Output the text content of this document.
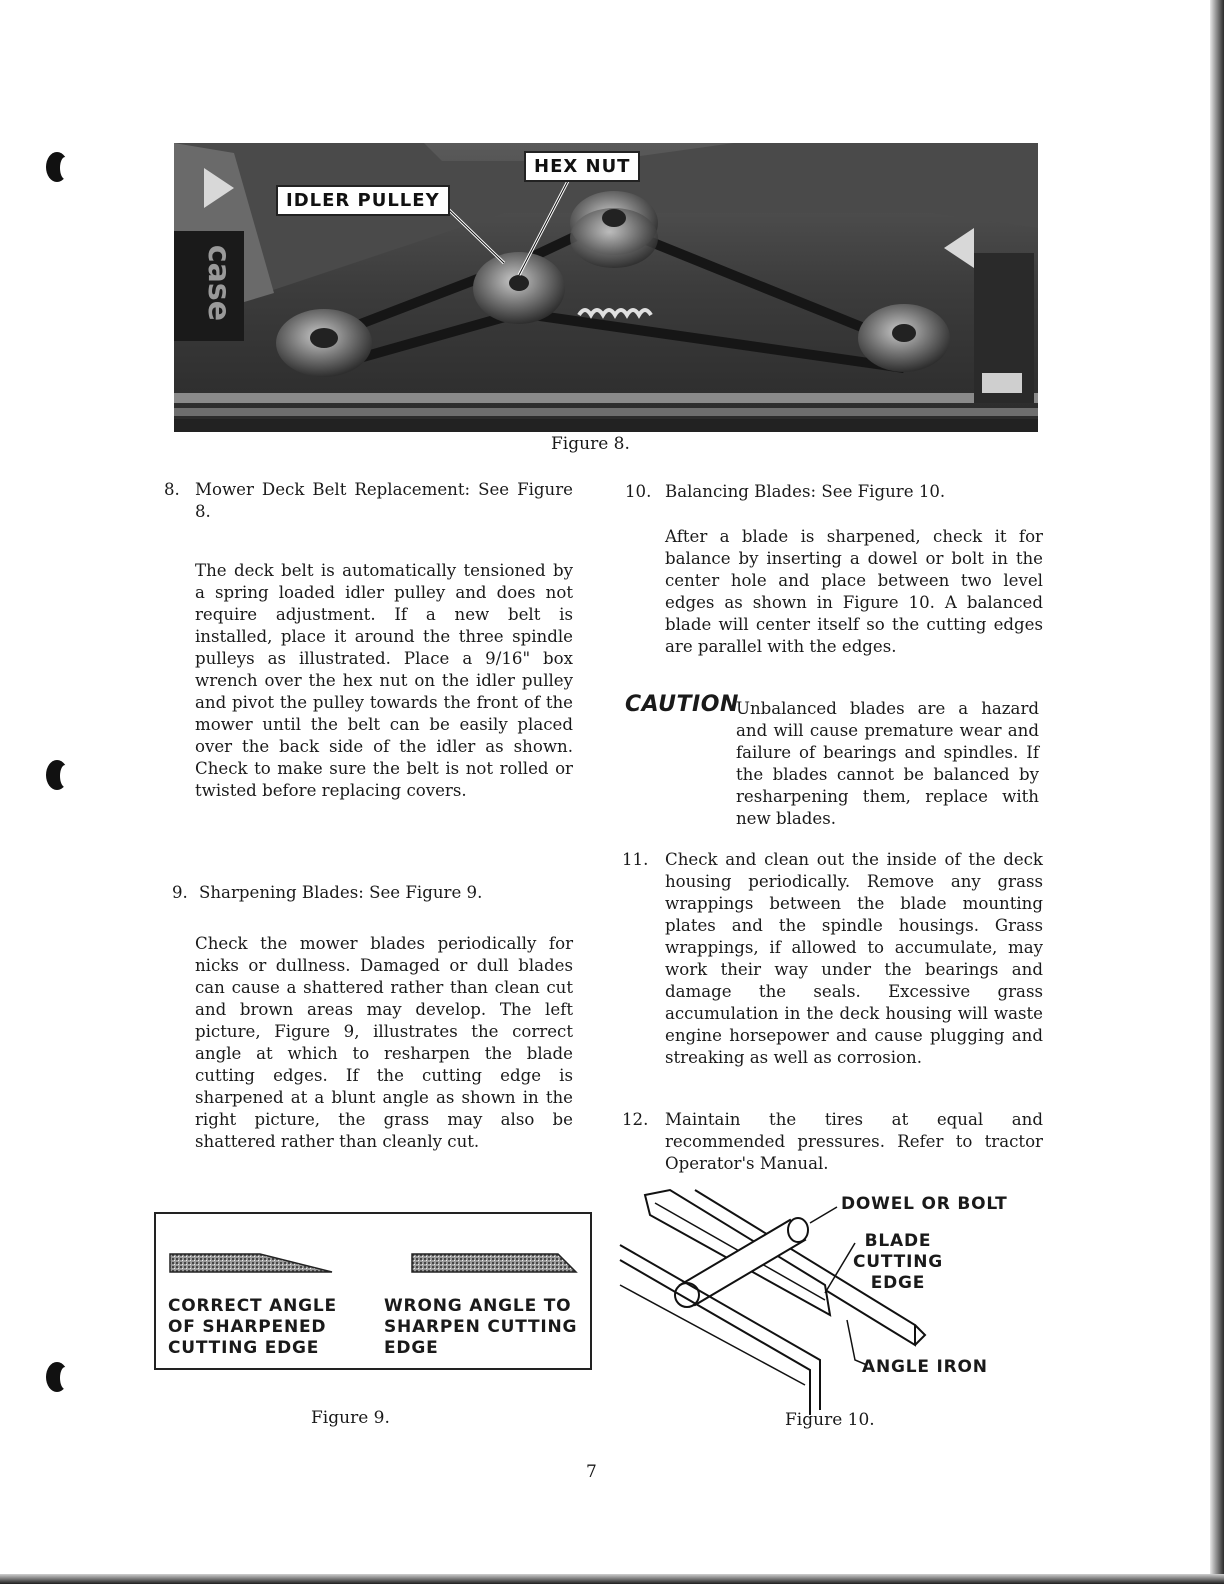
case
IDLER PULLEY
HEX NUT
Figure 8.
8. Mower Deck Belt Replacement: See Figure 8.
The deck belt is automatically tensioned by a spring loaded idler pulley and does not require adjustment. If a new belt is installed, place it around the three spindle pulleys as illustrated. Place a 9/16" box wrench over the hex nut on the idler pulley and pivot the pulley towards the front of the mower until the belt can be easily placed over the back side of the idler as shown. Check to make sure the belt is not rolled or twisted before replacing covers.
9. Sharpening Blades: See Figure 9.
Check the mower blades periodically for nicks or dullness. Damaged or dull blades can cause a shattered rather than clean cut and brown areas may develop. The left picture, Figure 9, illustrates the correct angle at which to resharpen the blade cutting edges. If the cutting edge is sharpened at a blunt angle as shown in the right picture, the grass may also be shattered rather than cleanly cut.
CORRECT ANGLE
OF SHARPENED
CUTTING EDGE
WRONG ANGLE TO
SHARPEN CUTTING
EDGE
Figure 9.
10. Balancing Blades: See Figure 10.
After a blade is sharpened, check it for balance by inserting a dowel or bolt in the center hole and place between two level edges as shown in Figure 10. A balanced blade will center itself so the cutting edges are parallel with the edges.
CAUTION
Unbalanced blades are a hazard and will cause premature wear and failure of bearings and spindles. If the blades cannot be balanced by resharpening them, replace with new blades.
11. Check and clean out the inside of the deck housing periodically. Remove any grass wrappings between the blade mounting plates and the spindle housings. Grass wrappings, if allowed to accumulate, may work their way under the bearings and damage the seals. Excessive grass accumulation in the deck housing will waste engine horsepower and cause plugging and streaking as well as corrosion.
12. Maintain the tires at equal and recommended pressures. Refer to tractor Operator's Manual.
DOWEL OR BOLT
BLADE
CUTTING
EDGE
ANGLE IRON
Figure 10.
7
